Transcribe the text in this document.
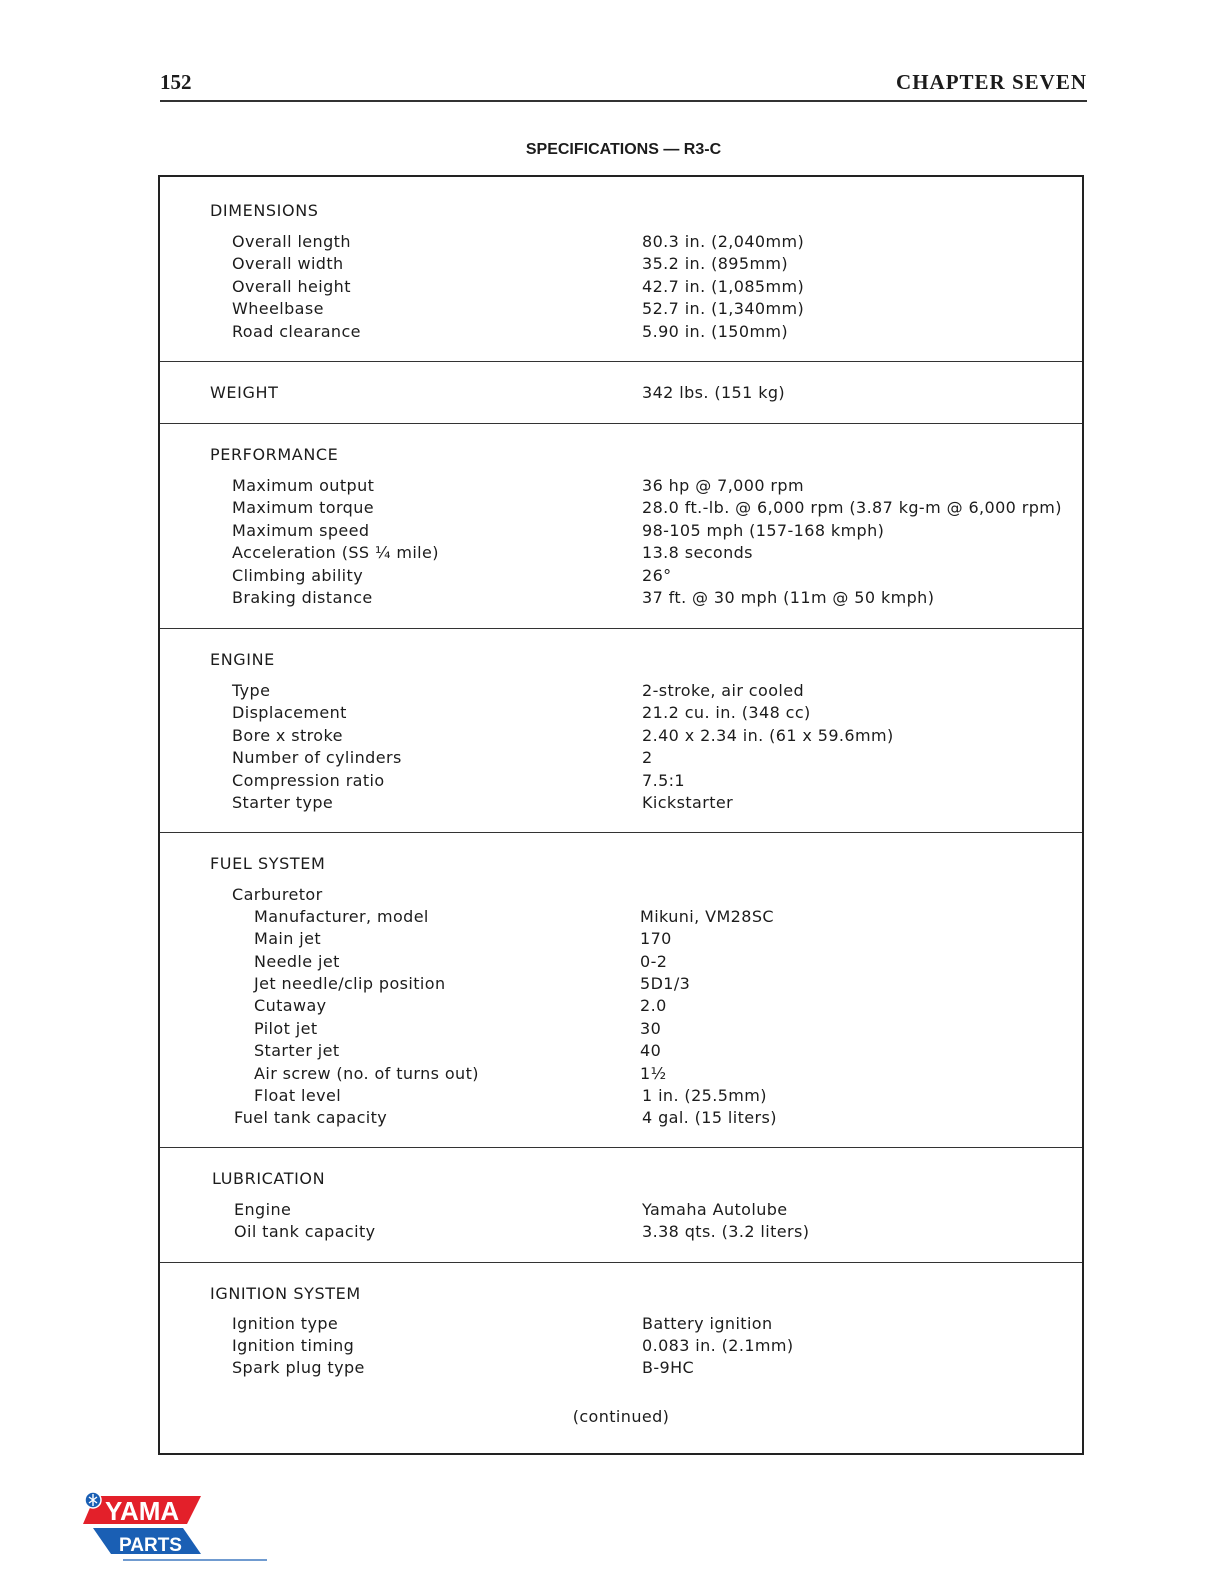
152	CHAPTER SEVEN
SPECIFICATIONS — R3-C
DIMENSIONS
Overall length	80.3 in. (2,040mm)
Overall width	35.2 in. (895mm)
Overall height	42.7 in. (1,085mm)
Wheelbase	52.7 in. (1,340mm)
Road clearance	5.90 in. (150mm)
WEIGHT	342 lbs. (151 kg)
PERFORMANCE
Maximum output	36 hp @ 7,000 rpm
Maximum torque	28.0 ft.-lb. @ 6,000 rpm (3.87 kg-m @ 6,000 rpm)
Maximum speed	98-105 mph (157-168 kmph)
Acceleration (SS ¼ mile)	13.8 seconds
Climbing ability	26°
Braking distance	37 ft. @ 30 mph (11m @ 50 kmph)
ENGINE
Type	2-stroke, air cooled
Displacement	21.2 cu. in. (348 cc)
Bore x stroke	2.40 x 2.34 in. (61 x 59.6mm)
Number of cylinders	2
Compression ratio	7.5:1
Starter type	Kickstarter
FUEL SYSTEM
Carburetor
Manufacturer, model	Mikuni, VM28SC
Main jet	170
Needle jet	0-2
Jet needle/clip position	5D1/3
Cutaway	2.0
Pilot jet	30
Starter jet	40
Air screw (no. of turns out)	1½
Float level	1 in. (25.5mm)
Fuel tank capacity	4 gal. (15 liters)
LUBRICATION
Engine	Yamaha Autolube
Oil tank capacity	3.38 qts. (3.2 liters)
IGNITION SYSTEM
Ignition type	Battery ignition
Ignition timing	0.083 in. (2.1mm)
Spark plug type	B-9HC
(continued)
YAMA
PARTS
